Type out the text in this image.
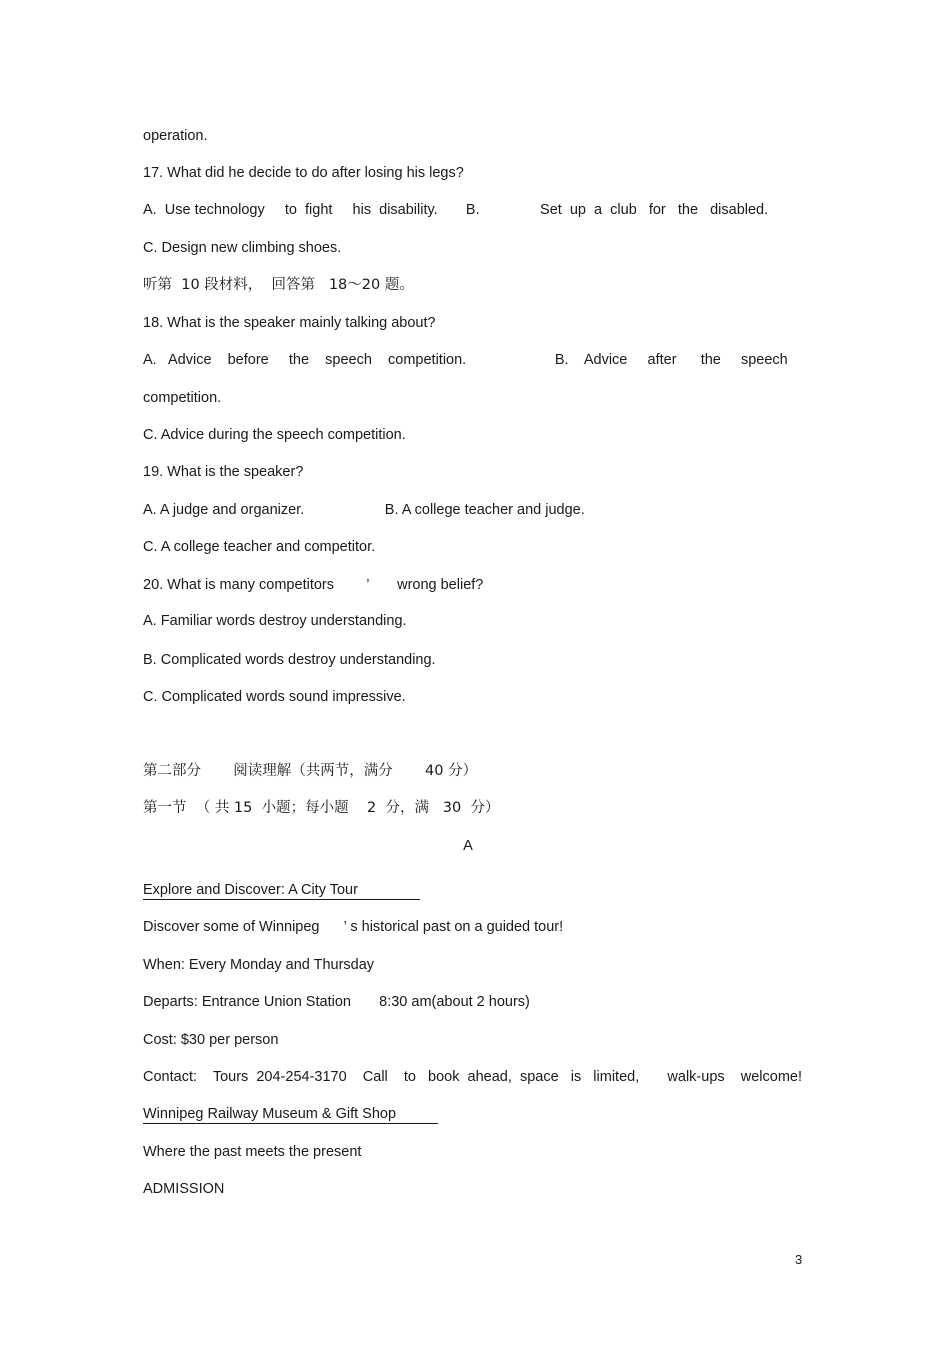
operation.
17. What did he decide to do after losing his legs?
A.  Use technology     to  fight     his  disability.       B.               Set  up  a  club   for   the   disabled.
C. Design new climbing shoes.
听第  10 段材料，  回答第   18～20 题。
18. What is the speaker mainly talking about?
A.   Advice    before     the    speech    competition.                      B.    Advice     after      the     speech
competition.
C. Advice during the speech competition.
19. What is the speaker?
A. A judge and organizer.                    B. A college teacher and judge.
C. A college teacher and competitor.
20. What is many competitors        ’       wrong belief?
A. Familiar words destroy understanding.
B. Complicated words destroy understanding.
C. Complicated words sound impressive.
第二部分       阅读理解（共两节，满分       40 分）
第一节  （ 共 15  小题；每小题    2  分，满   30  分）
A
Explore and Discover: A City Tour
Discover some of Winnipeg      ’ s historical past on a guided tour!
When: Every Monday and Thursday
Departs: Entrance Union Station       8:30 am(about 2 hours)
Cost: $30 per person
Contact:    Tours  204-254-3170    Call    to   book  ahead,  space   is   limited,       walk-ups    welcome!
Winnipeg Railway Museum & Gift Shop
Where the past meets the present
ADMISSION
3
